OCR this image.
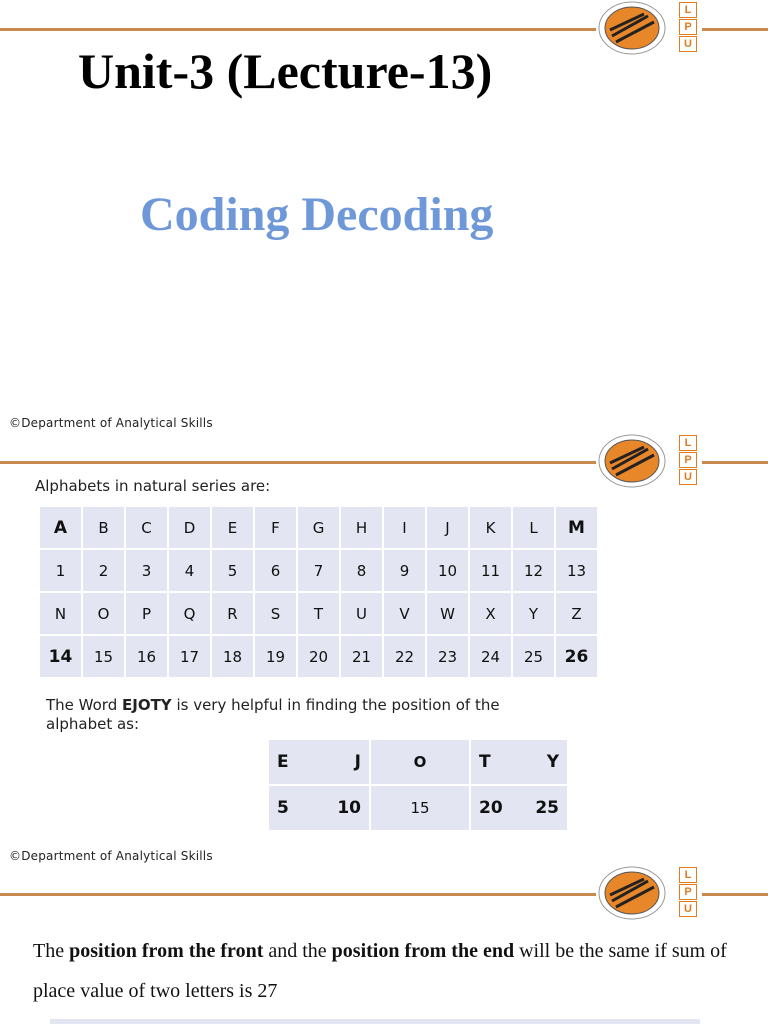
L
P
U
Unit-3 (Lecture-13)
Coding Decoding
©Department of Analytical Skills
L
P
U
Alphabets in natural series are:
A	B	C	D	E	F	G	H	I	J	K	L	M
1	2	3	4	5	6	7	8	9	10	11	12	13
N	O	P	Q	R	S	T	U	V	W	X	Y	Z
14	15	16	17	18	19	20	21	22	23	24	25	26
The Word EJOTY is very helpful in finding the position of the alphabet as:
E J	O	T Y

5 10	15	20 25
©Department of Analytical Skills
L
P
U
The position from the front and the position from the end will be the same if sum of place value of two letters is 27
